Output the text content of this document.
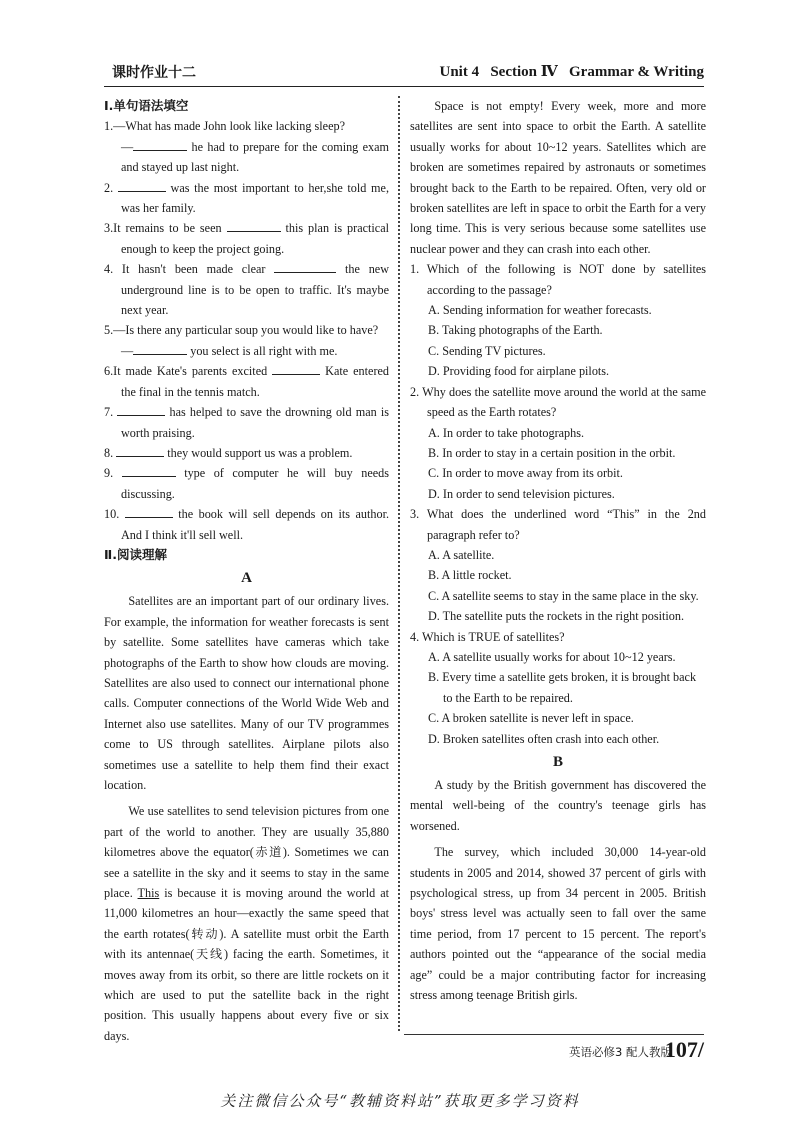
课时作业十二	Unit 4   Section Ⅳ   Grammar & Writing
Ⅰ.单句语法填空
1.—What has made John look like lacking sleep?
—	he had to prepare for the coming exam and stayed up last night.
2.	was the most important to her,she told me, was her family.
3.It remains to be seen	this plan is practical enough to keep the project going.
4. It hasn't been made clear	the new underground line is to be open to traffic. It's maybe next year.
5.—Is there any particular soup you would like to have?
—	you select is all right with me.
6.It made Kate's parents excited	Kate entered the final in the tennis match.
7.	has helped to save the drowning old man is worth praising.
8.	they would support us was a problem.
9.	type of computer he will buy needs discussing.
10.	the book will sell depends on its author. And I think it'll sell well.
Ⅱ.阅读理解
A
Satellites are an important part of our ordinary lives. For example, the information for weather forecasts is sent by satellite. Some satellites have cameras which take photographs of the Earth to show how clouds are moving. Satellites are also used to connect our international phone calls. Computer connections of the World Wide Web and Internet also use satellites. Many of our TV programmes come to US through satellites. Airplane pilots also sometimes use a satellite to help them find their exact location.
We use satellites to send television pictures from one part of the world to another. They are usually 35,880 kilometres above the equator(赤道). Sometimes we can see a satellite in the sky and it seems to stay in the same place. This is because it is moving around the world at 11,000 kilometres an hour—exactly the same speed that the earth rotates(转动). A satellite must orbit the Earth with its antennae(天线) facing the earth. Sometimes, it moves away from its orbit, so there are little rockets on it which are used to put the satellite back in the right position. This usually happens about every five or six days.
Space is not empty! Every week, more and more satellites are sent into space to orbit the Earth. A satellite usually works for about 10~12 years. Satellites which are broken are sometimes repaired by astronauts or sometimes brought back to the Earth to be repaired. Often, very old or broken satellites are left in space to orbit the Earth for a very long time. This is very serious because some satellites use nuclear power and they can crash into each other.
1. Which of the following is NOT done by satellites according to the passage?
A. Sending information for weather forecasts.
B. Taking photographs of the Earth.
C. Sending TV pictures.
D. Providing food for airplane pilots.
2. Why does the satellite move around the world at the same speed as the Earth rotates?
A. In order to take photographs.
B. In order to stay in a certain position in the orbit.
C. In order to move away from its orbit.
D. In order to send television pictures.
3. What does the underlined word “This” in the 2nd paragraph refer to?
A. A satellite.
B. A little rocket.
C. A satellite seems to stay in the same place in the sky.
D. The satellite puts the rockets in the right position.
4. Which is TRUE of satellites?
A. A satellite usually works for about 10~12 years.
B. Every time a satellite gets broken, it is brought back to the Earth to be repaired.
C. A broken satellite is never left in space.
D. Broken satellites often crash into each other.
B
A study by the British government has discovered the mental well-being of the country's teenage girls has worsened.
The survey, which included 30,000 14-year-old students in 2005 and 2014, showed 37 percent of girls with psychological stress, up from 34 percent in 2005. British boys' stress level was actually seen to fall over the same time period, from 17 percent to 15 percent. The report's authors pointed out the “appearance of the social media age” could be a major contributing factor for increasing stress among teenage British girls.
英语必修3 配人教版
107/
关注微信公众号“教辅资料站”获取更多学习资料
